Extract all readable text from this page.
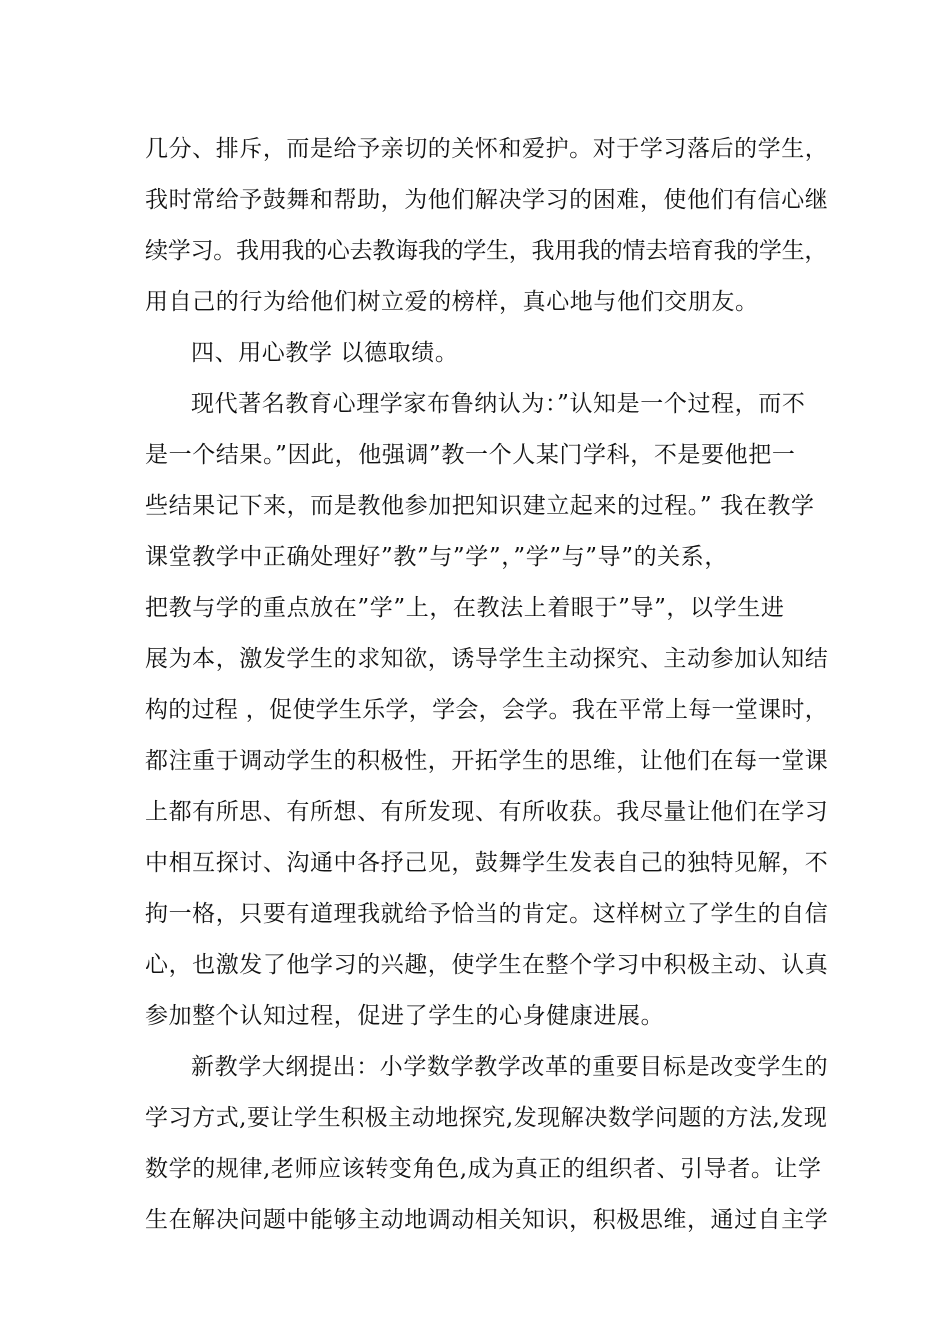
几分、排斥，而是给予亲切的关怀和爱护。对于学习落后的学生，
我时常给予鼓舞和帮助，为他们解决学习的困难，使他们有信心继
续学习。我用我的心去教诲我的学生，我用我的情去培育我的学生，
用自己的行为给他们树立爱的榜样，真心地与他们交朋友。
四、用心教学 以德取绩。
现代著名教育心理学家布鲁纳认为：”认知是一个过程，而不
是一个结果。”因此，他强调”教一个人某门学科，不是要他把一
些结果记下来，而是教他参加把知识建立起来的过程。” 我在教学
课堂教学中正确处理好”教”与”学”，”学”与”导”的关系，
把教与学的重点放在”学”上，在教法上着眼于”导”，以学生进
展为本，激发学生的求知欲，诱导学生主动探究、主动参加认知结
构的过程 ，促使学生乐学，学会，会学。我在平常上每一堂课时，
都注重于调动学生的积极性，开拓学生的思维，让他们在每一堂课
上都有所思、有所想、有所发现、有所收获。我尽量让他们在学习
中相互探讨、沟通中各抒己见，鼓舞学生发表自己的独特见解，不
拘一格，只要有道理我就给予恰当的肯定。这样树立了学生的自信
心，也激发了他学习的兴趣，使学生在整个学习中积极主动、认真
参加整个认知过程，促进了学生的心身健康进展。
新教学大纲提出：小学数学教学改革的重要目标是改变学生的
学习方式,要让学生积极主动地探究,发现解决数学问题的方法,发现
数学的规律,老师应该转变角色,成为真正的组织者、引导者。让学
生在解决问题中能够主动地调动相关知识，积极思维，通过自主学
